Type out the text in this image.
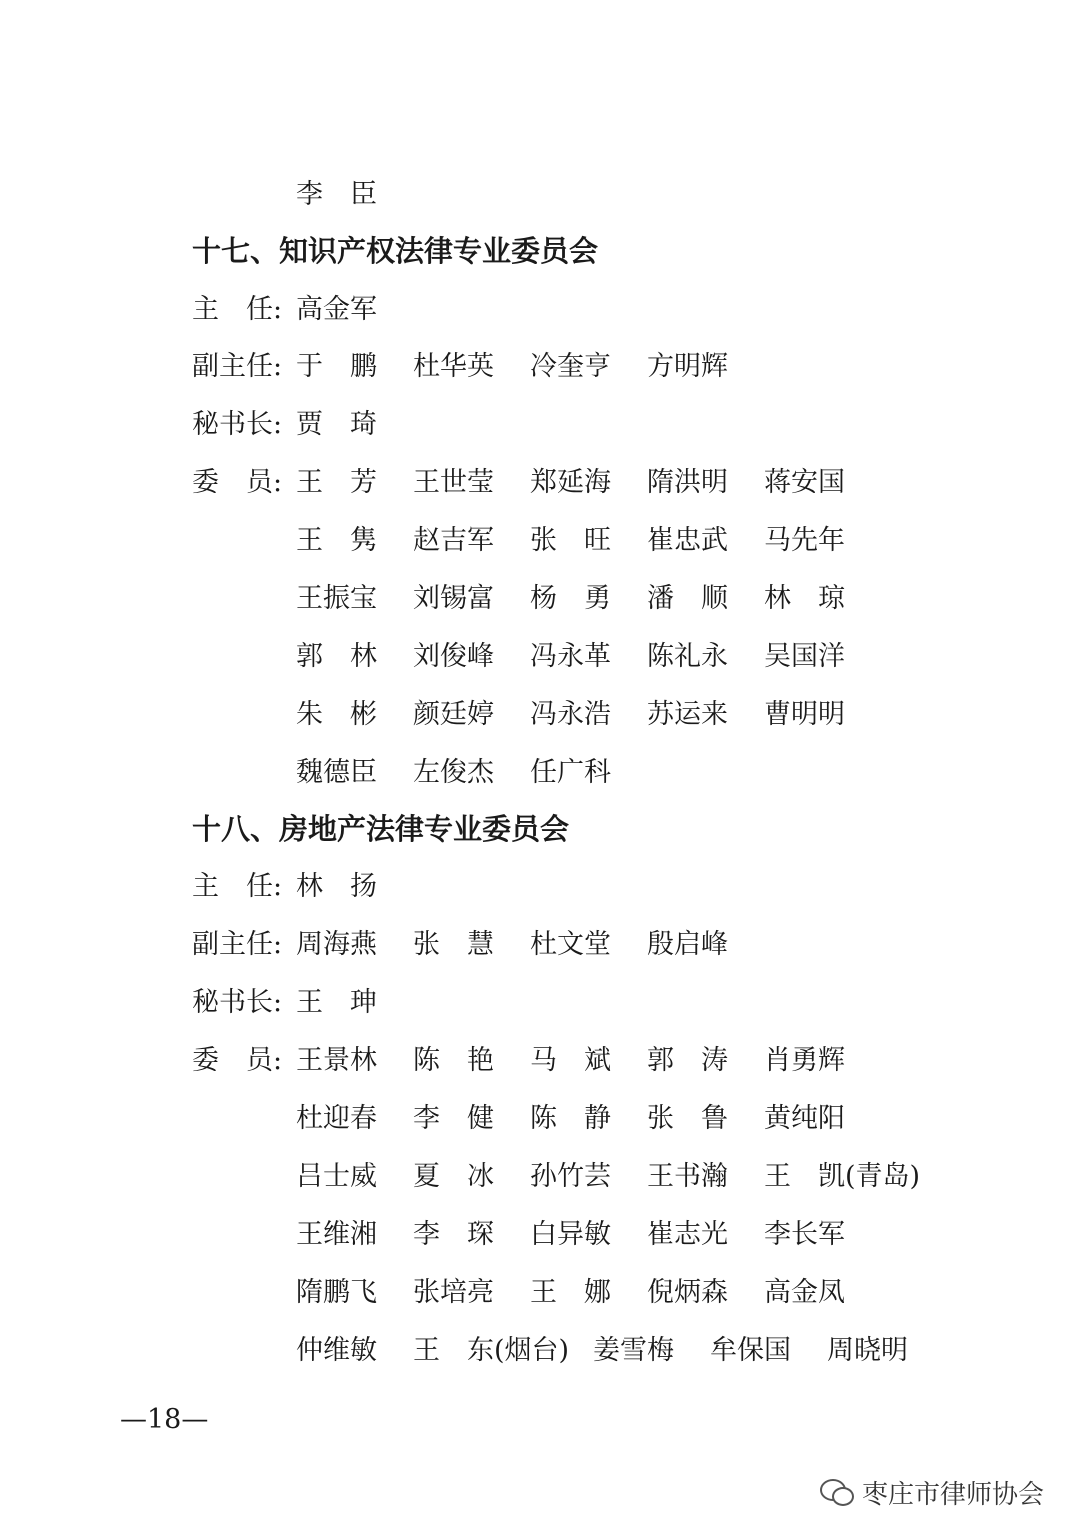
李　臣
十七、知识产权法律专业委员会
主　任: 高金军
副主任: 于　鹏 杜华英 冷奎亨 方明辉
秘书长: 贾　琦
委　员: 王　芳 王世莹 郑延海 隋洪明 蒋安国
王　隽 赵吉军 张　旺 崔忠武 马先年
王振宝 刘锡富 杨　勇 潘　顺 林　琼
郭　林 刘俊峰 冯永革 陈礼永 吴国洋
朱　彬 颜廷婷 冯永浩 苏运来 曹明明
魏德臣 左俊杰 任广科
十八、房地产法律专业委员会
主　任: 林　扬
副主任: 周海燕 张　慧 杜文堂 殷启峰
秘书长: 王　珅
委　员: 王景林 陈　艳 马　斌 郭　涛 肖勇辉
杜迎春 李　健 陈　静 张　鲁 黄纯阳
吕士威 夏　冰 孙竹芸 王书瀚 王　凯(青岛)
王维湘 李　琛 白异敏 崔志光 李长军
隋鹏飞 张培亮 王　娜 倪炳森 高金凤
仲维敏 王　东(烟台) 姜雪梅 牟保国 周晓明
—18—
枣庄市律师协会
